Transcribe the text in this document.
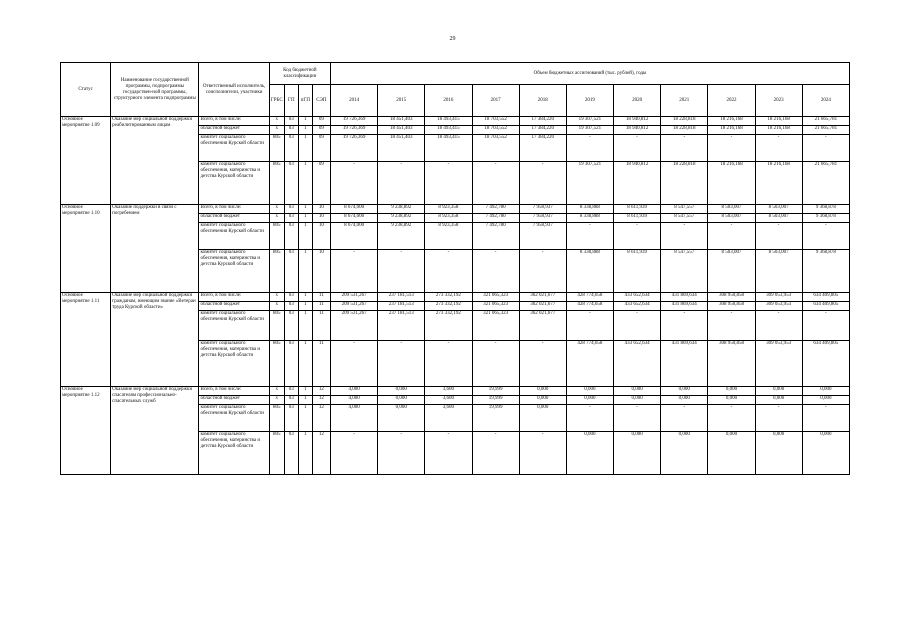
29
Статус	Наименование государственной программы, подпрограммы государствен-ной программы, структурного элемента подпрограммы	Ответственный исполнитель, соисполнители, участники	Код бюджетной классификации				Объем бюджетных ассигнований (тыс. рублей), годы										
			ГРБС	ГП	пГП	СЭП	2014	2015	2016	2017	2018	2019	2020	2021	2022	2023	2024
Основное мероприятие 1.09	Оказание мер социальной поддержки реабилитированным лицам	Всего, в том числе:	х	03	1	09	19 726,369	18 451,403	18 493,415	18 703,552	17 384,220	19 307,521	18 940,812	18 228,818	18 216,168	18 216,168	21 665,781
		областной бюджет	х	03	1	09	19 726,369	18 451,403	18 493,415	18 703,552	17 384,220	19 307,521	18 940,812	18 228,818	18 216,168	18 216,168	21 665,781
		комитет социального обеспечения Курской области	805	03	1	09	19 726,369	18 451,403	18 493,415	18 703,552	17 384,220	-	-	-	-	-	-
		комитет социального обеспечения, материнства и детства Курской области	805	03	1	09	-	-	-	-	-	19 307,521	18 940,812	18 228,818	18 216,168	18 216,168	21 665,781
Основное мероприятие 1.10	Оказание поддержки в связи с погребением	Всего, в том числе:	х	03	1	10	8 674,000	9 238,892	8 923,358	7 492,780	7 958,937	8 338,888	8 611,939	8 547,557	8 503,007	8 503,007	9 368,878
		областной бюджет	х	03	1	10	8 674,000	9 238,892	8 923,358	7 492,780	7 958,937	8 338,888	8 611,939	8 547,557	8 503,007	8 503,007	9 368,878
		комитет социального обеспечения Курской области	805	03	1	10	8 674,000	9 238,892	8 923,358	7 492,780	7 958,937	-	-	-	-	-	-
		комитет социального обеспечения, материнства и детства Курской области	805	03	1	10	-	-	-	-	-	8 338,888	8 611,939	8 547,557	8 503,007	8 503,007	9 368,878
Основное мероприятие 1.11	Оказание мер социальной поддержки гражданам, имеющим звание «Ветеран труда Курской области»	Всего, в том числе:	х	03	1	11	209 531,267	237 181,513	273 332,192	321 065,323	362 021,677	428 774,658	433 652,634	431 869,634	308 950,858	309 053,953	634 409,805
		областной бюджет	х	03	1	11	209 531,267	237 181,513	273 332,192	321 065,323	362 021,677	428 774,658	433 652,634	431 869,634	308 950,858	309 053,953	634 409,805
		комитет социального обеспечения Курской области	805	03	1	11	209 531,267	237 181,513	273 332,192	321 065,323	362 021,677	-	-	-	-	-	-
		комитет социального обеспечения, материнства и детства Курской области	805	03	1	11	-	-	-	-	-	428 774,658	433 652,634	431 869,634	308 950,858	309 053,953	634 409,805
Основное мероприятие 1.12	Оказание мер социальной поддержки спасателям профессионально-спасательных служб	Всего, в том числе:	х	03	1	12	4,000	0,000	3,600	19,999	0,000	0,000	0,000	0,000	0,000	0,000	0,000
		областной бюджет	х	03	1	12	4,000	0,000	3,600	19,999	0,000	0,000	0,000	0,000	0,000	0,000	0,000
		комитет социального обеспечения Курской области	805	03	1	12	4,000	0,000	3,600	19,999	0,000	-	-	-	-	-	-
		комитет социального обеспечения, материнства и детства Курской области	805	03	1	12	-	-	-	-	-	0,000	0,000	0,000	0,000	0,000	0,000
